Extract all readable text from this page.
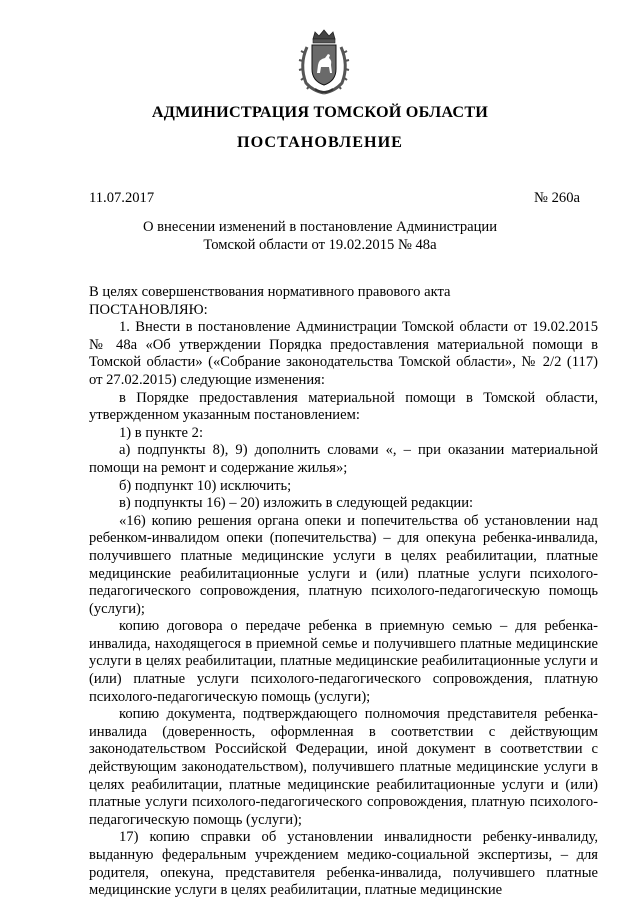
АДМИНИСТРАЦИЯ ТОМСКОЙ ОБЛАСТИ
ПОСТАНОВЛЕНИЕ
11.07.2017	№ 260а
О внесении изменений в постановление Администрации
Томской области от 19.02.2015 № 48а

В целях совершенствования нормативного правового акта

ПОСТАНОВЛЯЮ:

1. Внести в постановление Администрации Томской области от 19.02.2015 № 48а «Об утверждении Порядка предоставления материальной помощи в Томской области» («Собрание законодательства Томской области», № 2/2 (117) от 27.02.2015) следующие изменения:

в Порядке предоставления материальной помощи в Томской области, утвержденном указанным постановлением:

1) в пункте 2:

а) подпункты 8), 9) дополнить словами «, – при оказании материальной помощи на ремонт и содержание жилья»;

б) подпункт 10) исключить;

в) подпункты 16) – 20) изложить в следующей редакции:

«16) копию решения органа опеки и попечительства об установлении над ребенком-инвалидом опеки (попечительства) – для опекуна ребенка-инвалида, получившего платные медицинские услуги в целях реабилитации, платные медицинские реабилитационные услуги и (или) платные услуги психолого-педагогического сопровождения, платную психолого-педагогическую помощь (услуги);

копию договора о передаче ребенка в приемную семью – для ребенка-инвалида, находящегося в приемной семье и получившего платные медицинские услуги в целях реабилитации, платные медицинские реабилитационные услуги и (или) платные услуги психолого-педагогического сопровождения, платную психолого-педагогическую помощь (услуги);

копию документа, подтверждающего полномочия представителя ребенка-инвалида (доверенность, оформленная в соответствии с действующим законодательством Российской Федерации, иной документ в соответствии с действующим законодательством), получившего платные медицинские услуги в целях реабилитации, платные медицинские реабилитационные услуги и (или) платные услуги психолого-педагогического сопровождения, платную психолого-педагогическую помощь (услуги);

17) копию справки об установлении инвалидности ребенку-инвалиду, выданную федеральным учреждением медико-социальной экспертизы, – для родителя, опекуна, представителя ребенка-инвалида, получившего платные медицинские услуги в целях реабилитации, платные медицинские
